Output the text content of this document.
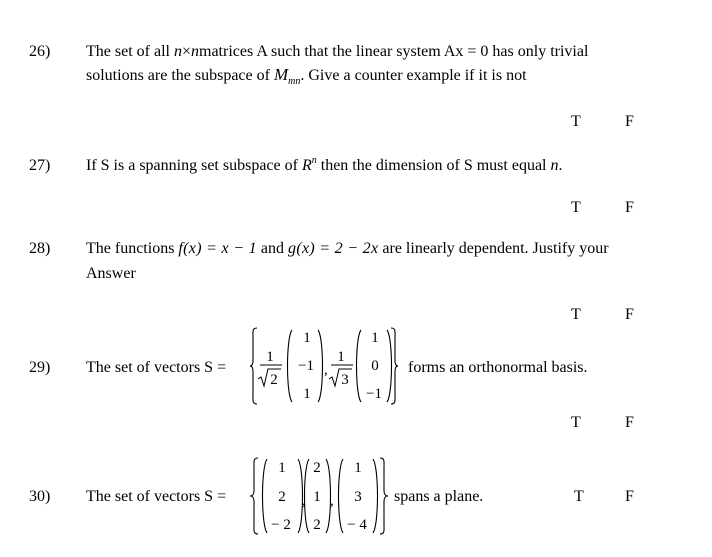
26) The set of all n×nmatrices A such that the linear system Ax = 0 has only trivial
solutions are the subspace of $M_{mn}$. Give a counter example if it is not
T	F
27) If S is a spanning set subspace of $R^n$ then the dimension of S must equal n.
T	F
28) The functions f(x) = x − 1 and g(x) = 2 − 2x are linearly dependent. Justify your
Answer
T	F
29) The set of vectors S =
1
2
1
−1
1
,
1
3
1
0
−1
forms an orthonormal basis.
T	F
30) The set of vectors S =
1
2
− 2
,
2
1
2
,
1
3
− 4
spans a plane.	T	F
